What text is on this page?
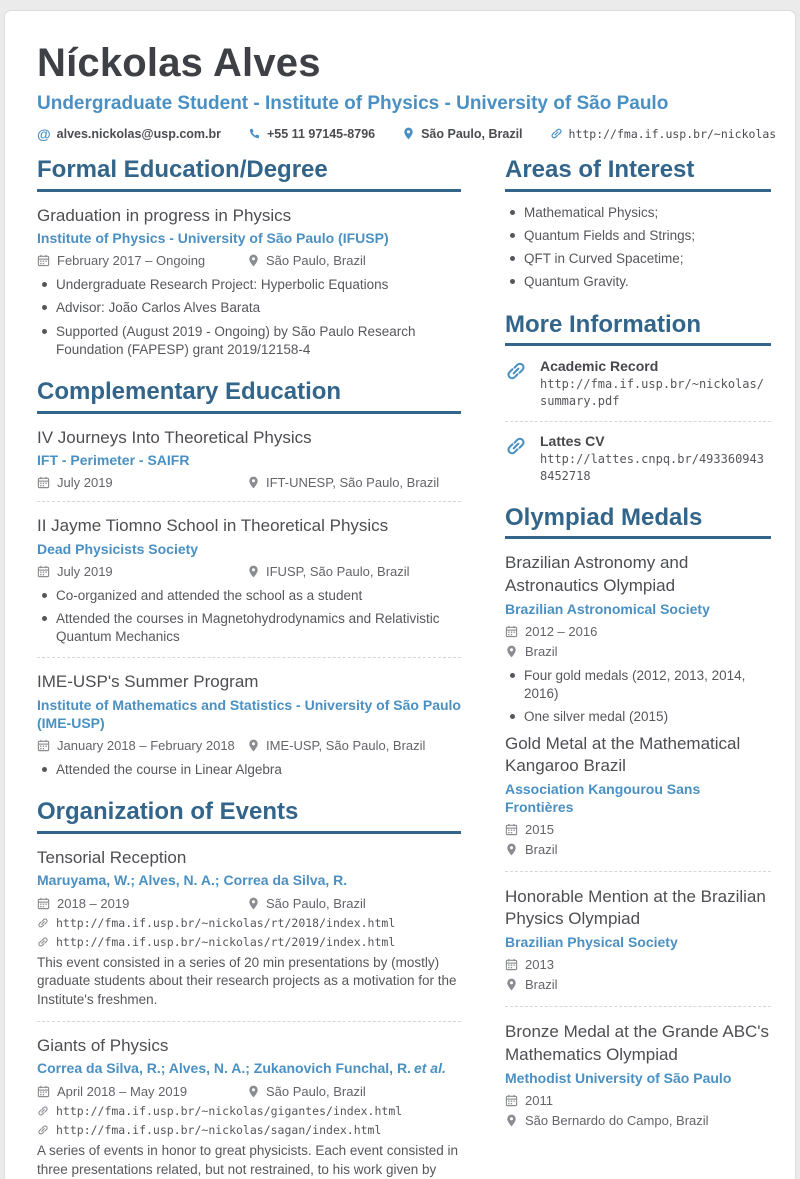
Níckolas Alves
Undergraduate Student - Institute of Physics - University of São Paulo
@
alves.nickolas@usp.com.br	+55 11 97145-8796	São Paulo, Brazil	http://fma.if.usp.br/~nickolas
Formal Education/Degree
Graduation in progress in Physics
Institute of Physics - University of São Paulo (IFUSP)
February 2017 – Ongoing	São Paulo, Brazil
Undergraduate Research Project: Hyperbolic Equations
Advisor: João Carlos Alves Barata
Supported (August 2019 - Ongoing) by São Paulo Research Foundation (FAPESP) grant 2019/12158-4
Complementary Education
IV Journeys Into Theoretical Physics
IFT - Perimeter - SAIFR
July 2019	IFT-UNESP, São Paulo, Brazil
II Jayme Tiomno School in Theoretical Physics
Dead Physicists Society
July 2019	IFUSP, São Paulo, Brazil
Co-organized and attended the school as a student
Attended the courses in Magnetohydrodynamics and Relativistic Quantum Mechanics
IME-USP's Summer Program
Institute of Mathematics and Statistics - University of São Paulo (IME-USP)
January 2018 – February 2018 IME-USP, São Paulo, Brazil
Attended the course in Linear Algebra
Organization of Events
Tensorial Reception
Maruyama, W.; Alves, N. A.; Correa da Silva, R.
2018 – 2019	São Paulo, Brazil
http://fma.if.usp.br/~nickolas/rt/2018/index.html
http://fma.if.usp.br/~nickolas/rt/2019/index.html
This event consisted in a series of 20 min presentations by (mostly) graduate students about their research projects as a motivation for the Institute's freshmen.
Giants of Physics
Correa da Silva, R.; Alves, N. A.; Zukanovich Funchal, R. et al.
April 2018 – May 2019	São Paulo, Brazil
http://fma.if.usp.br/~nickolas/gigantes/index.html
http://fma.if.usp.br/~nickolas/sagan/index.html
A series of events in honor to great physicists. Each event consisted in three presentations related, but not restrained, to his work given by
Areas of Interest
Mathematical Physics;
Quantum Fields and Strings;
QFT in Curved Spacetime;
Quantum Gravity.
More Information
Academic Record
http://fma.if.usp.br/~nickolas/summary.pdf
Lattes CV
http://lattes.cnpq.br/4933609438452718
Olympiad Medals
Brazilian Astronomy and Astronautics Olympiad
Brazilian Astronomical Society
2012 – 2016
Brazil
Four gold medals (2012, 2013, 2014, 2016)
One silver medal (2015)
Gold Metal at the Mathematical Kangaroo Brazil
Association Kangourou Sans Frontières
2015
Brazil
Honorable Mention at the Brazilian Physics Olympiad
Brazilian Physical Society
2013
Brazil
Bronze Medal at the Grande ABC's Mathematics Olympiad
Methodist University of São Paulo
2011
São Bernardo do Campo, Brazil
